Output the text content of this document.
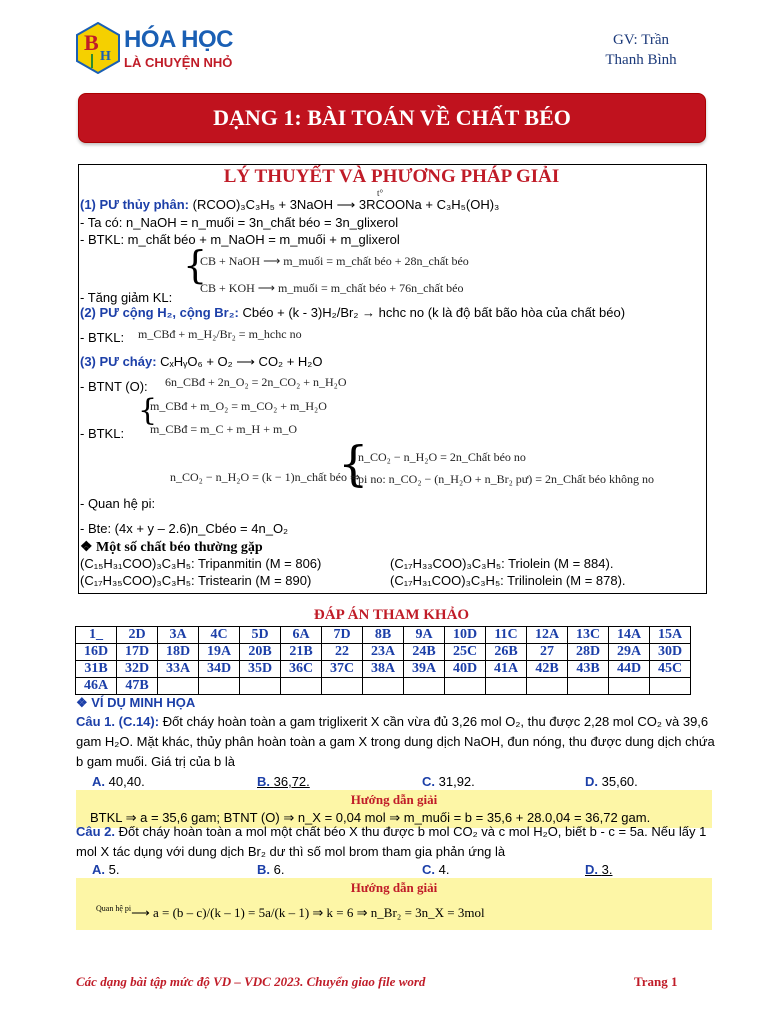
B
H
HÓA HỌC
LÀ CHUYỆN NHỎ
GV: Trần
Thanh Bình
DẠNG 1: BÀI TOÁN VỀ CHẤT BÉO
LÝ THUYẾT VÀ PHƯƠNG PHÁP GIẢI
(1) PƯ thủy phân: (RCOO)₃C₃H₅ + 3NaOH ⟶ 3RCOONa + C₃H₅(OH)₃
t°
- Ta có: n_NaOH = n_muối = 3n_chất béo = 3n_glixerol
- BTKL: m_chất béo + m_NaOH = m_muối + m_glixerol
{
CB + NaOH ⟶ m_muối = m_chất béo + 28n_chất béo
CB + KOH ⟶ m_muối = m_chất béo + 76n_chất béo
- Tăng giảm KL:
(2) PƯ cộng H₂, cộng Br₂: Cbéo + (k - 3)H₂/Br₂ → hchc no (k là độ bất bão hòa của chất béo)
- BTKL: m_CBđ + m_H₂/Br₂ = m_hchc no
(3) PƯ cháy: CₓHᵧO₆ + O₂ ⟶ CO₂ + H₂O
- BTNT (O): 6n_CBđ + 2n_O₂ = 2n_CO₂ + n_H₂O
{
m_CBđ + m_O₂ = m_CO₂ + m_H₂O
m_CBđ = m_C + m_H + m_O
- BTKL:
{
n_CO₂ − n_H₂O = 2n_Chất béo no
n_CO₂ − n_H₂O = (k − 1)n_chất béo ⇒
pi no: n_CO₂ − (n_H₂O + n_Br₂ pư) = 2n_Chất béo không no
- Quan hệ pi:
- Bte: (4x + y – 2.6)n_Cbéo = 4n_O₂
❖ Một số chất béo thường gặp
(C₁₅H₃₁COO)₃C₃H₅: Tripanmitin (M = 806)	(C₁₇H₃₃COO)₃C₃H₅: Triolein (M = 884).
(C₁₇H₃₅COO)₃C₃H₅: Tristearin (M = 890)	(C₁₇H₃₁COO)₃C₃H₅: Trilinolein (M = 878).
ĐÁP ÁN THAM KHẢO
1_	2D	3A	4C	5D	6A	7D	8B	9A	10D	11C	12A	13C	14A	15A
16D	17D	18D	19A	20B	21B	22	23A	24B	25C	26B	27	28D	29A	30D
31B	32D	33A	34D	35D	36C	37C	38A	39A	40D	41A	42B	43B	44D	45C
46A	47B													
❖ VÍ DỤ MINH HỌA
Câu 1. (C.14): Đốt cháy hoàn toàn a gam triglixerit X cần vừa đủ 3,26 mol O₂, thu được 2,28 mol CO₂ và 39,6 gam H₂O. Mặt khác, thủy phân hoàn toàn a gam X trong dung dịch NaOH, đun nóng, thu được dung dịch chứa b gam muối. Giá trị của b là
A. 40,40.	B. 36,72.	C. 31,92.	D. 35,60.
Hướng dẫn giải
BTKL ⇒ a = 35,6 gam; BTNT (O) ⇒ n_X = 0,04 mol ⇒ m_muối = b = 35,6 + 28.0,04 = 36,72 gam.
Câu 2. Đốt cháy hoàn toàn a mol một chất béo X thu được b mol CO₂ và c mol H₂O, biết b - c = 5a. Nếu lấy 1 mol X tác dụng với dung dịch Br₂ dư thì số mol brom tham gia phản ứng là
A. 5.	B. 6.	C. 4.	D. 3.
Hướng dẫn giải
$^{Quan hệ pi}$⟶ a = (b – c)/(k – 1) = 5a/(k – 1) ⇒ k = 6 ⇒ n_Br₂ = 3n_X = 3mol
Các dạng bài tập mức độ VD – VDC 2023. Chuyển giao file word	Trang 1
